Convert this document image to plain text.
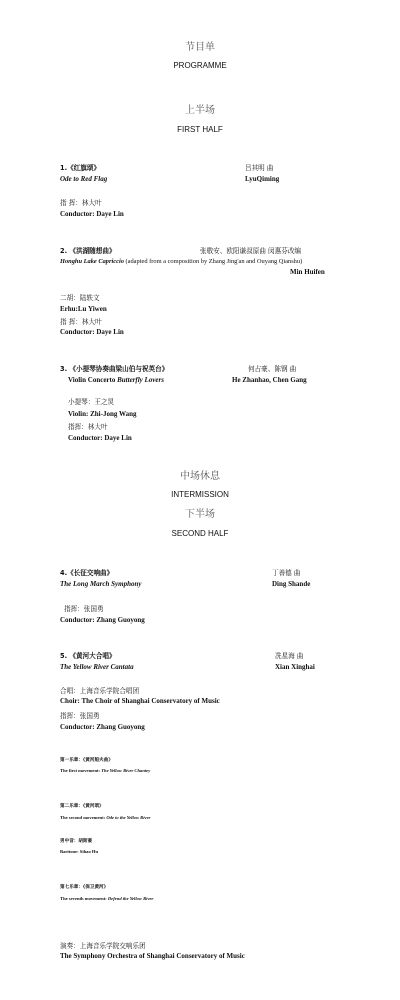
节目单
PROGRAMME
上半场
FIRST HALF
1.《红旗颂》	吕其明 曲
Ode to Red Flag	LyuQiming
指 挥：林大叶
Conductor: Daye Lin
2. 《洪湖随想曲》	张敬安、欧阳谦叔原曲 闵惠芬改编
Honghu Lake Capriccio (adapted from a composition by Zhang Jing'an and Ouyang Qianshu)
Min Huifen
二胡：陆轶文
Erhu:Lu Yiwen
指 挥：林大叶
Conductor: Daye Lin
3. 《小提琴协奏曲梁山伯与祝英台》	何占豪、陈钢 曲
Violin Concerto Butterfly Lovers	He Zhanhao, Chen Gang
小提琴：王之炅
Violin: Zhi-Jong Wang
指挥：林大叶
Conductor: Daye Lin
中场休息
INTERMISSION
下半场
SECOND HALF
4.《长征交响曲》	丁善德 曲
The Long March Symphony	Ding Shande
指挥：张国勇
Conductor: Zhang Guoyong
5. 《黄河大合唱》	冼星海 曲
The Yellow River Cantata	Xian Xinghai
合唱：上海音乐学院合唱团
Choir: The Choir of Shanghai Conservatory of Music
指挥：张国勇
Conductor: Zhang Guoyong
第一乐章：《黄河船夫曲》
The first movement: The Yellow River Chantey
第二乐章：《黄河颂》
The second movement: Ode to the Yellow River
男中音：胡斯豪
Baritone: Sihao Hu
第七乐章：《保卫黄河》
The seventh movement: Defend the Yellow River
演奏：上海音乐学院交响乐团
The Symphony Orchestra of Shanghai Conservatory of Music
